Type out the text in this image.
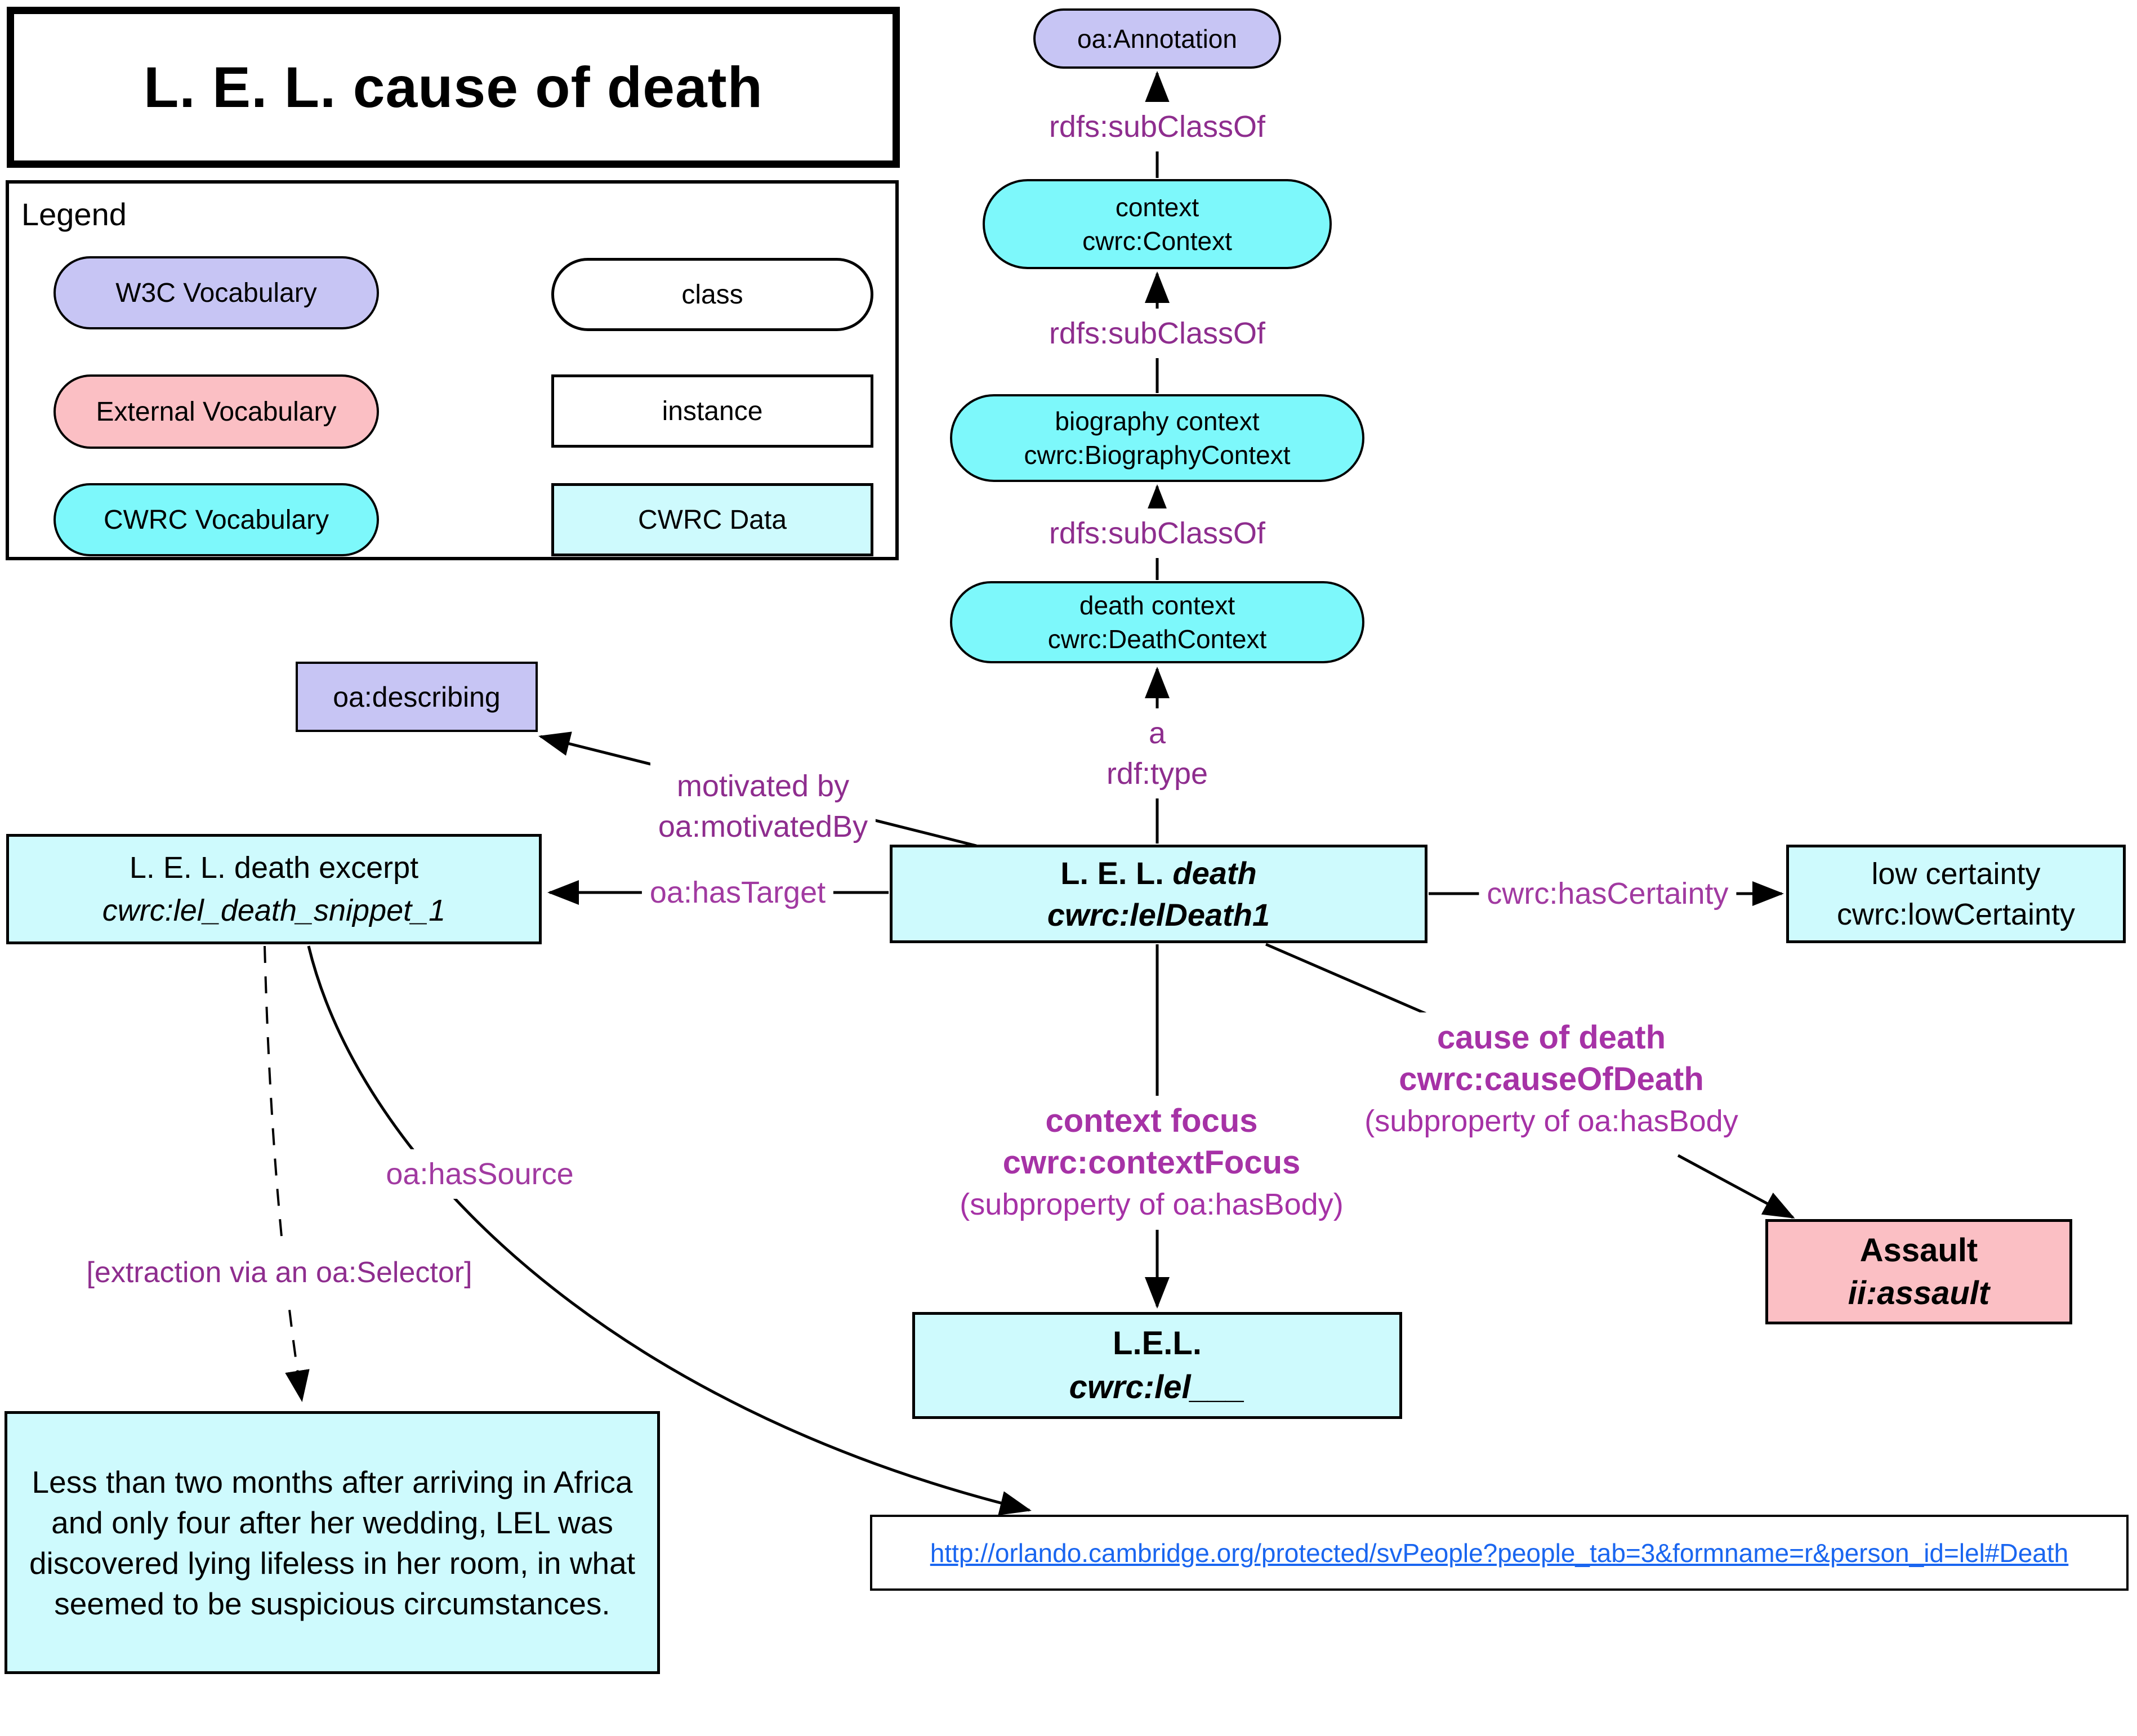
rdfs:subClassOf
rdfs:subClassOf
rdfs:subClassOf
a
rdf:type
motivated by
oa:motivatedBy
oa:hasTarget	cwrc:hasCertainty
context focus
cwrc:contextFocus
(subproperty of oa:hasBody)
cause of death
cwrc:causeOfDeath
(subproperty of oa:hasBody
oa:hasSource
[extraction via an oa:Selector]
L. E. L. cause of death
Legend
W3C Vocabulary	class
External Vocabulary	instance
CWRC Vocabulary	CWRC Data
oa:Annotation
context
cwrc:Context
biography context
cwrc:BiographyContext
death context
cwrc:DeathContext
L. E. L. death
cwrc:lelDeath1
oa:describing
L. E. L. death excerpt
cwrc:lel_death_snippet_1
low certainty
cwrc:lowCertainty
Assault
ii:assault
L.E.L.
cwrc:lel___
Less than two months after arriving in Africa and only four after her wedding, LEL was discovered lying lifeless in her room, in what seemed to be suspicious circumstances.
http://orlando.cambridge.org/protected/svPeople?people_tab=3&formname=r&person_id=lel#Death
